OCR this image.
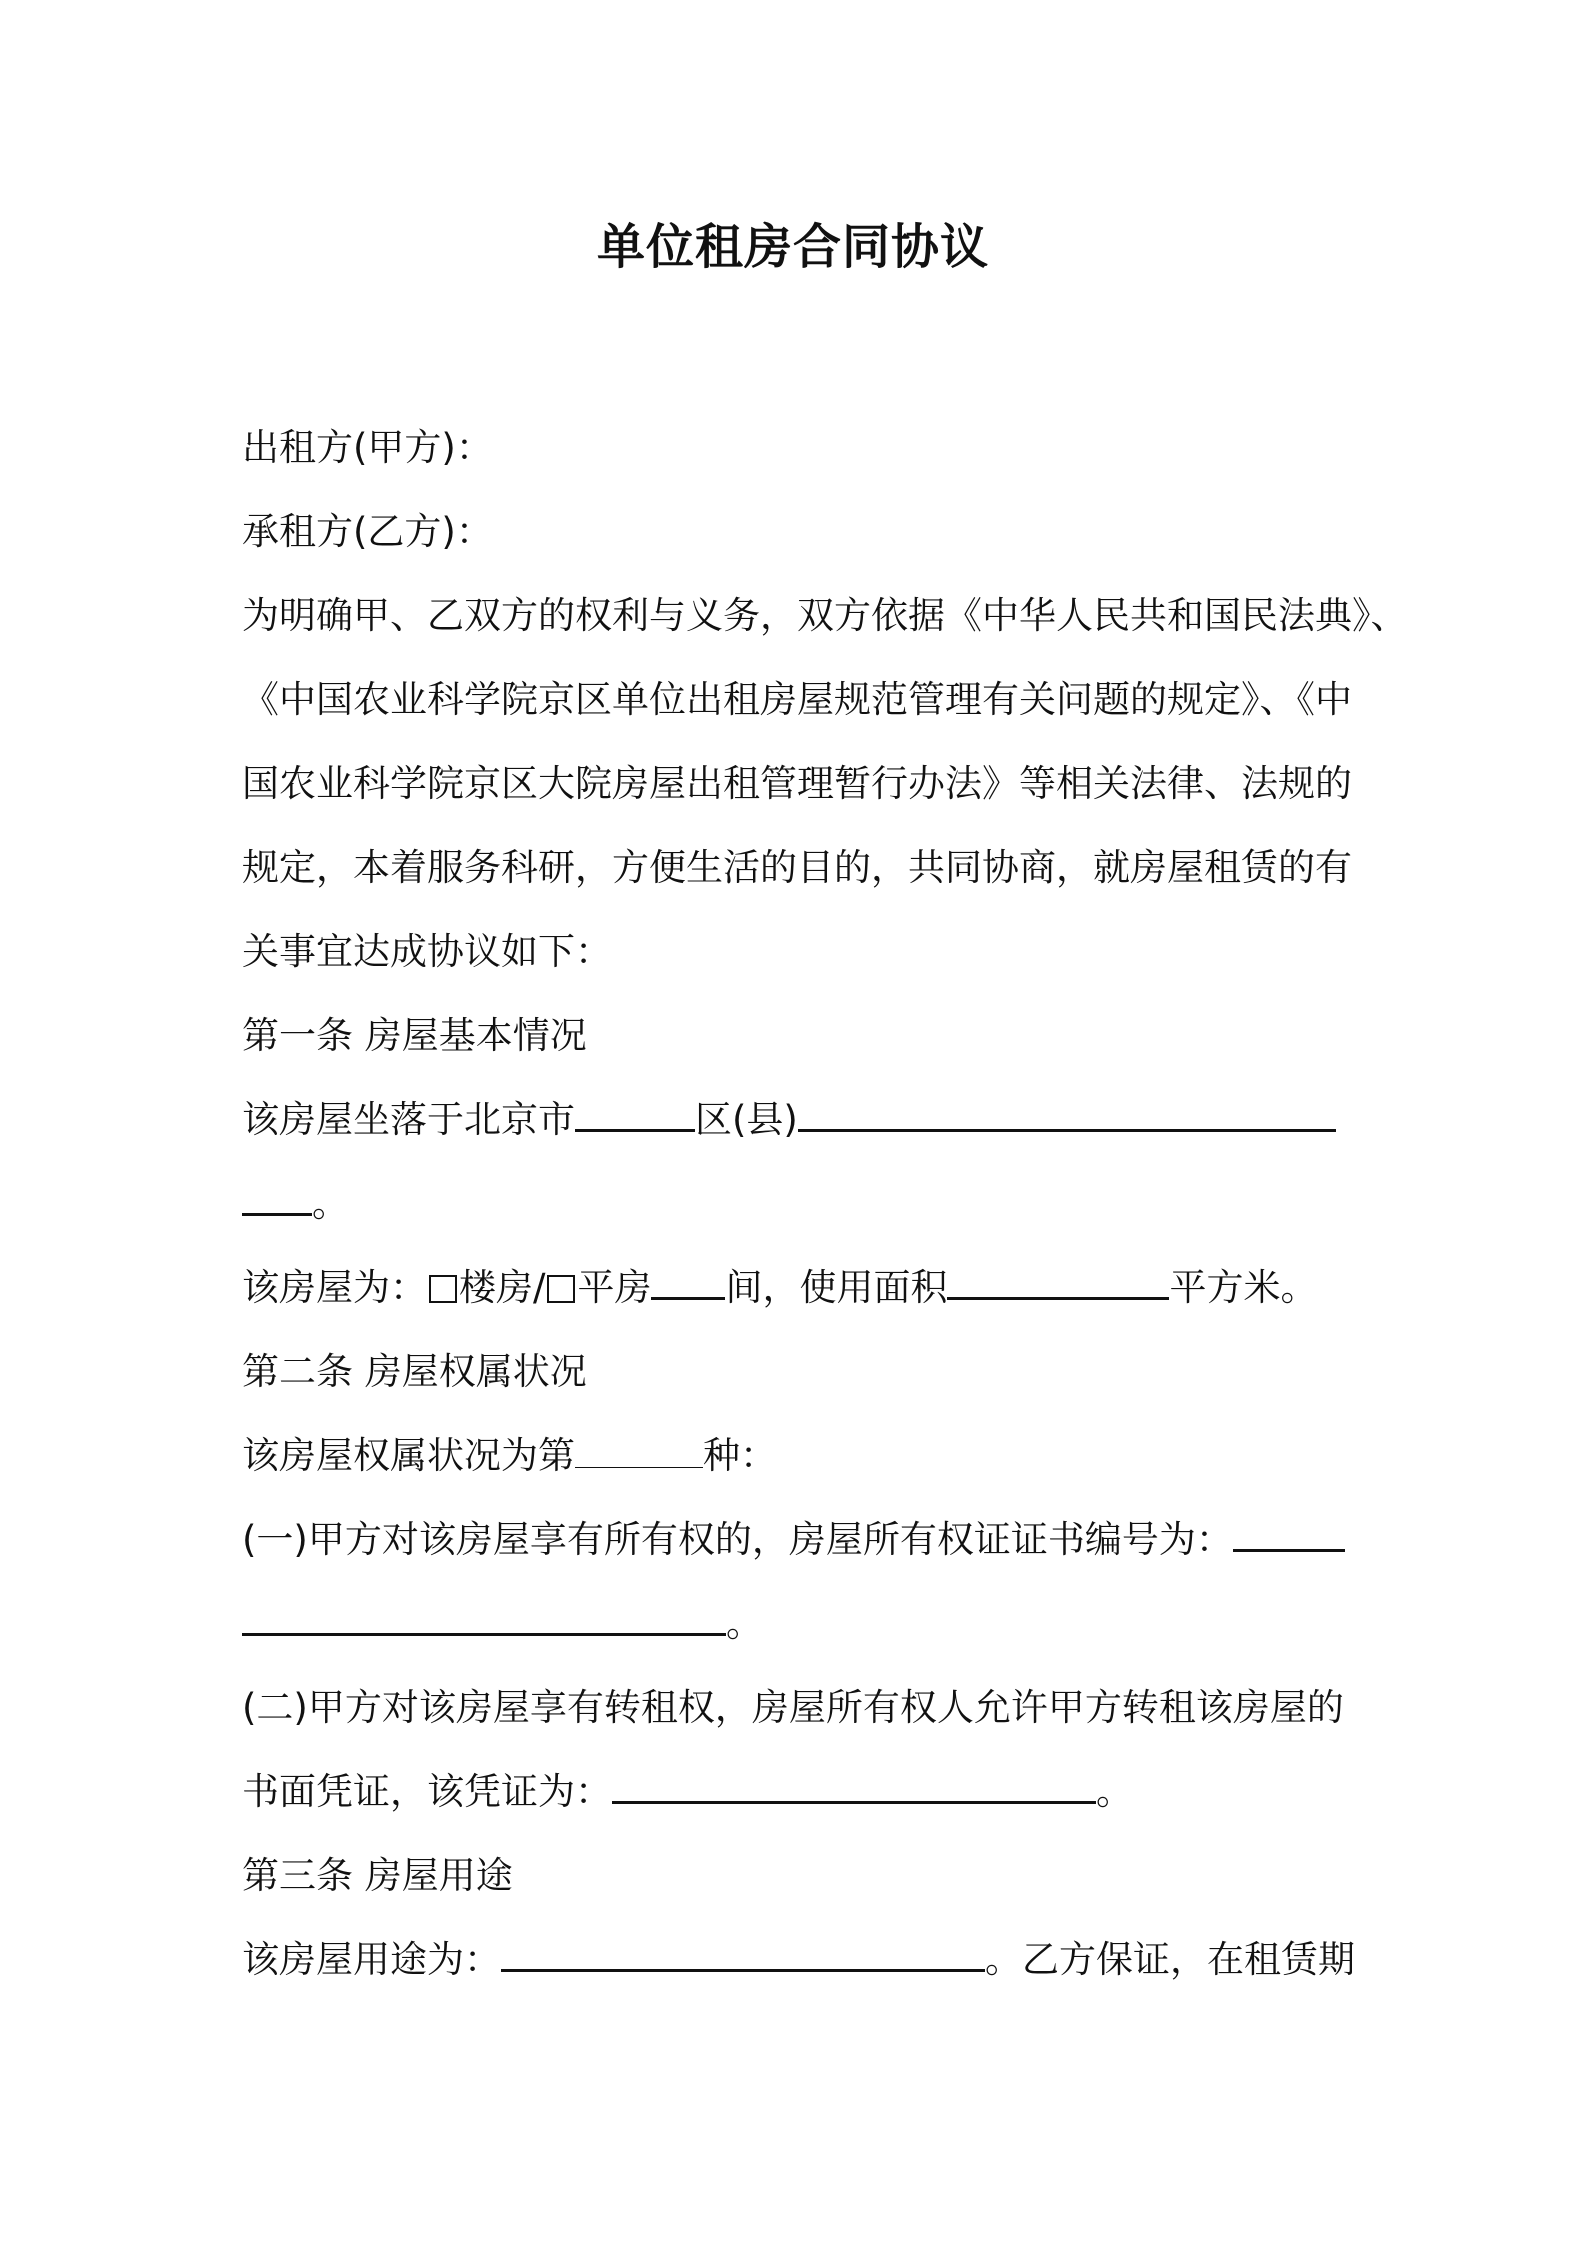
单位租房合同协议
出租方(甲方)：
承租方(乙方)：
为明确甲、乙双方的权利与义务，双方依据《中华人民共和国民法典》、
《中国农业科学院京区单位出租房屋规范管理有关问题的规定》、《中
国农业科学院京区大院房屋出租管理暂行办法》等相关法律、法规的
规定，本着服务科研，方便生活的目的，共同协商，就房屋租赁的有
关事宜达成协议如下：
第一条 房屋基本情况
该房屋坐落于北京市	区(县)
。
该房屋为： 楼房/ 平房 间，使用面积	平方米。
第二条 房屋权属状况
该房屋权属状况为第	种：
(一)甲方对该房屋享有所有权的，房屋所有权证证书编号为：
。
(二)甲方对该房屋享有转租权，房屋所有权人允许甲方转租该房屋的
书面凭证，该凭证为：	。
第三条 房屋用途
该房屋用途为：	。乙方保证，在租赁期
